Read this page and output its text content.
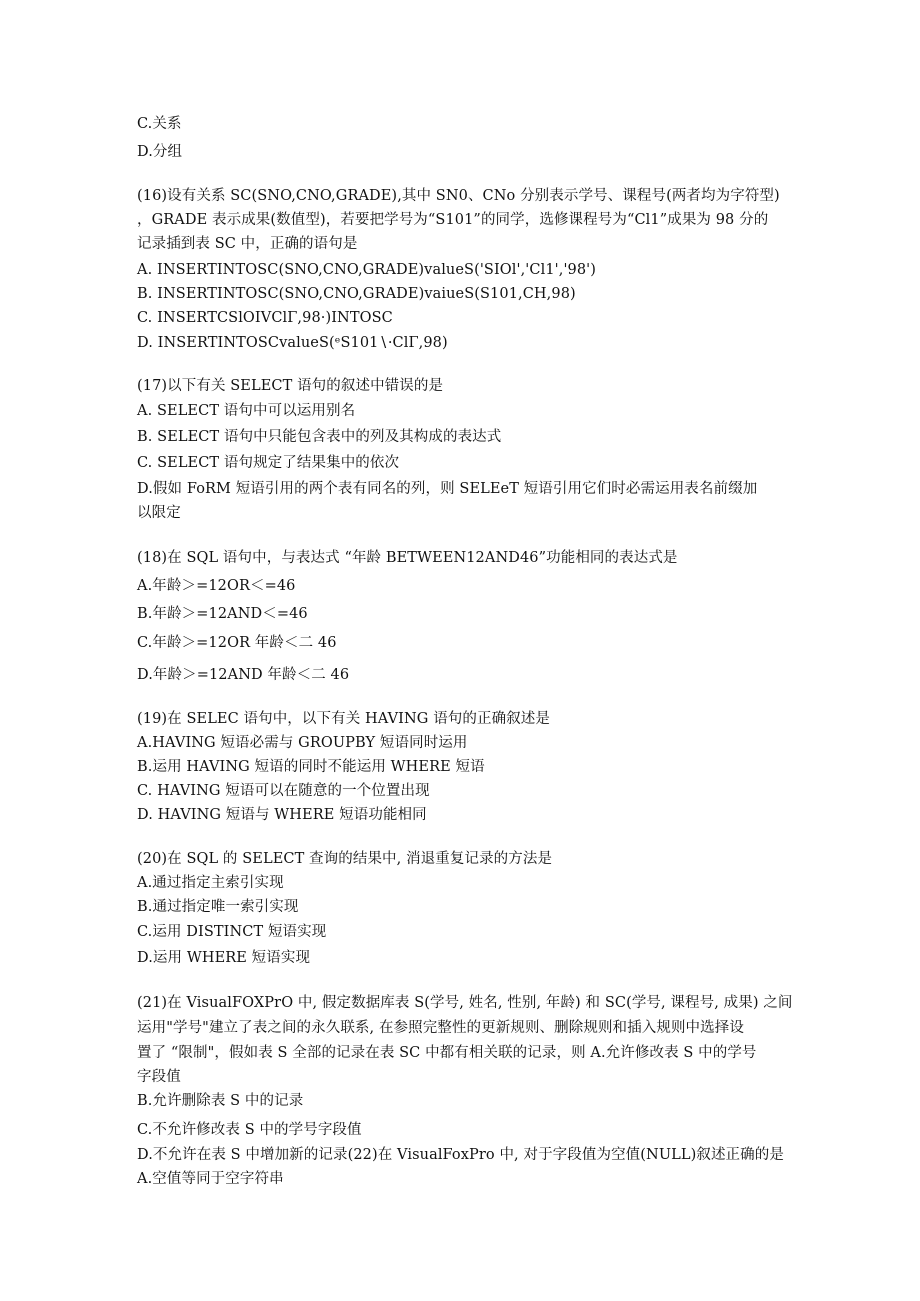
C.关系
D.分组
(16)设有关系 SC(SNO,CNO,GRADE),其中 SN0、CNo 分别表示学号、课程号(两者均为字符型)
，GRADE 表示成果(数值型)，若要把学号为“S101”的同学，选修课程号为“Cl1”成果为 98 分的
记录插到表 SC 中，正确的语句是
A. INSERTINTOSC(SNO,CNO,GRADE)valueS('SIOl','Cl1','98')
B. INSERTINTOSC(SNO,CNO,GRADE)vaiueS(S101,CH,98)
C. INSERTCSlOIVClΓ,98·)INTOSC
D. INSERTINTOSCvalueS(ᵉS101∖·ClΓ,98)
(17)以下有关 SELECT 语句的叙述中错误的是
A. SELECT 语句中可以运用别名
B. SELECT 语句中只能包含表中的列及其构成的表达式
C. SELECT 语句规定了结果集中的依次
D.假如 FoRM 短语引用的两个表有同名的列，则 SELEeT 短语引用它们时必需运用表名前缀加
以限定
(18)在 SQL 语句中，与表达式 “年龄 BETWEEN12AND46”功能相同的表达式是
A.年龄＞=12OR＜=46
B.年龄＞=12AND＜=46
C.年龄＞=12OR 年龄＜二 46
D.年龄＞=12AND 年龄＜二 46
(19)在 SELEC 语句中，以下有关 HAVING 语句的正确叙述是
A.HAVING 短语必需与 GROUPBY 短语同时运用
B.运用 HAVING 短语的同时不能运用 WHERE 短语
C. HAVING 短语可以在随意的一个位置出现
D. HAVING 短语与 WHERE 短语功能相同
(20)在 SQL 的 SELECT 查询的结果中, 消退重复记录的方法是
A.通过指定主索引实现
B.通过指定唯一索引实现
C.运用 DISTINCT 短语实现
D.运用 WHERE 短语实现
(21)在 VisualFOXPrO 中, 假定数据库表 S(学号, 姓名, 性别, 年龄) 和 SC(学号, 课程号, 成果) 之间
运用"学号"建立了表之间的永久联系, 在参照完整性的更新规则、删除规则和插入规则中选择设
置了 “限制"，假如表 S 全部的记录在表 SC 中都有相关联的记录，则 A.允许修改表 S 中的学号
字段值
B.允许删除表 S 中的记录
C.不允许修改表 S 中的学号字段值
D.不允许在表 S 中增加新的记录(22)在 VisualFoxPro 中, 对于字段值为空值(NULL)叙述正确的是
A.空值等同于空字符串
